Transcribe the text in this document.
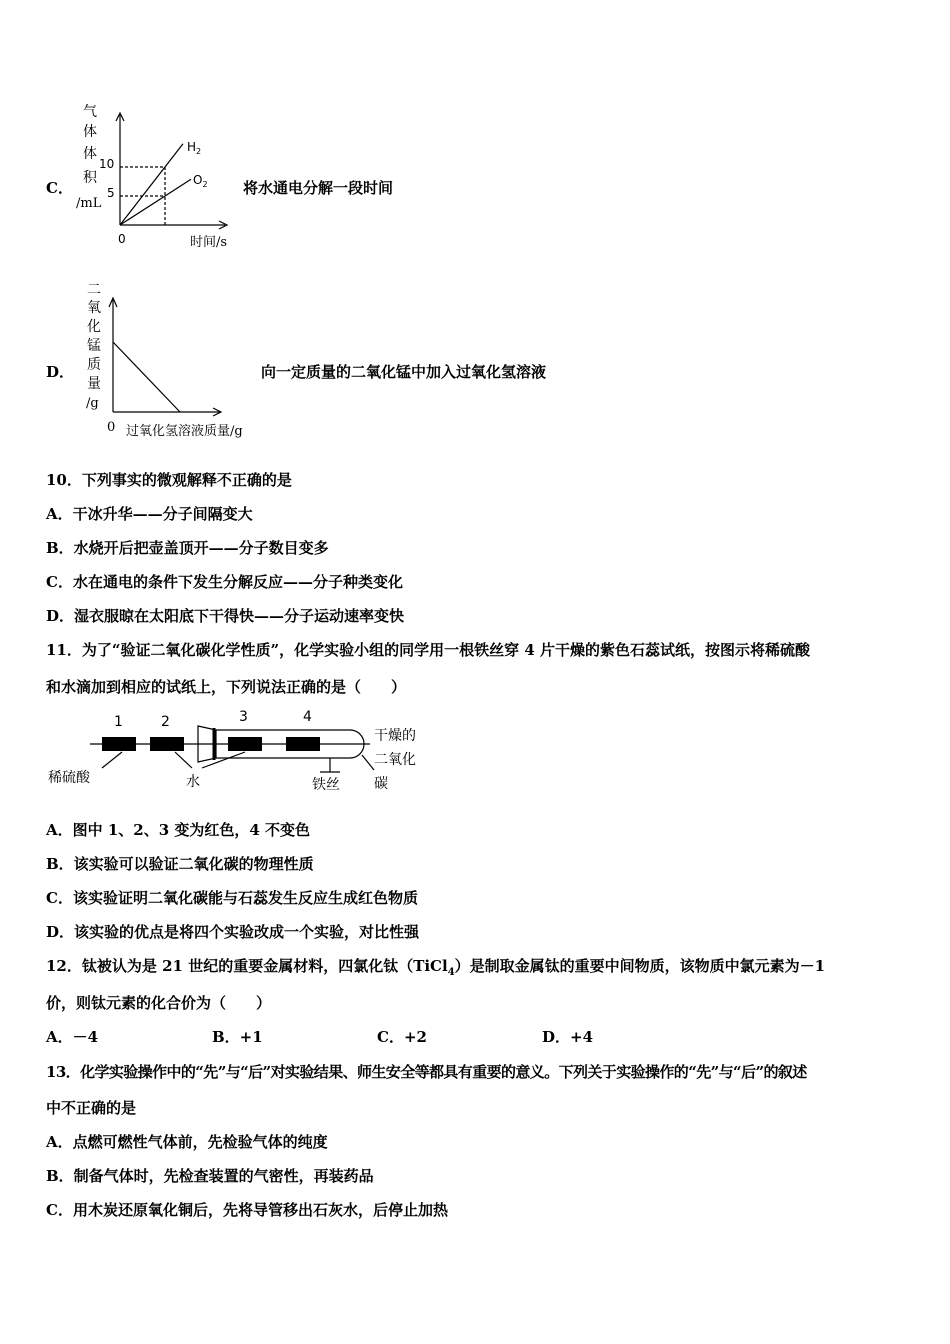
C．
气
体
体
积
/mL
10
5
0
$H_2$
$O_2$
时间/s
将水通电分解一段时间
D．
二
氧
化
锰
质
量
/g
0 过氧化氢溶液质量/g
向一定质量的二氧化锰中加入过氧化氢溶液
10．下列事实的微观解释不正确的是
A．干冰升华——分子间隔变大
B．水烧开后把壶盖顶开——分子数目变多
C．水在通电的条件下发生分解反应——分子种类变化
D．湿衣服晾在太阳底下干得快——分子运动速率变快
11．为了“验证二氧化碳化学性质”，化学实验小组的同学用一根铁丝穿 4 片干燥的紫色石蕊试纸，按图示将稀硫酸
和水滴加到相应的试纸上，下列说法正确的是（　　）
1	2	3	4
稀硫酸	水	铁丝
干燥的
二氧化
碳
A．图中 1、2、3 变为红色，4 不变色
B．该实验可以验证二氧化碳的物理性质
C．该实验证明二氧化碳能与石蕊发生反应生成红色物质
D．该实验的优点是将四个实验改成一个实验，对比性强
12．钛被认为是 21 世纪的重要金属材料，四氯化钛（TiCl$_4$）是制取金属钛的重要中间物质，该物质中氯元素为－1
价，则钛元素的化合价为（　　）
A．－4	B．+1	C．+2	D．+4
13．化学实验操作中的“先”与“后”对实验结果、师生安全等都具有重要的意义。下列关于实验操作的“先”与“后”的叙述
中不正确的是
A．点燃可燃性气体前，先检验气体的纯度
B．制备气体时，先检查装置的气密性，再装药品
C．用木炭还原氧化铜后，先将导管移出石灰水，后停止加热
